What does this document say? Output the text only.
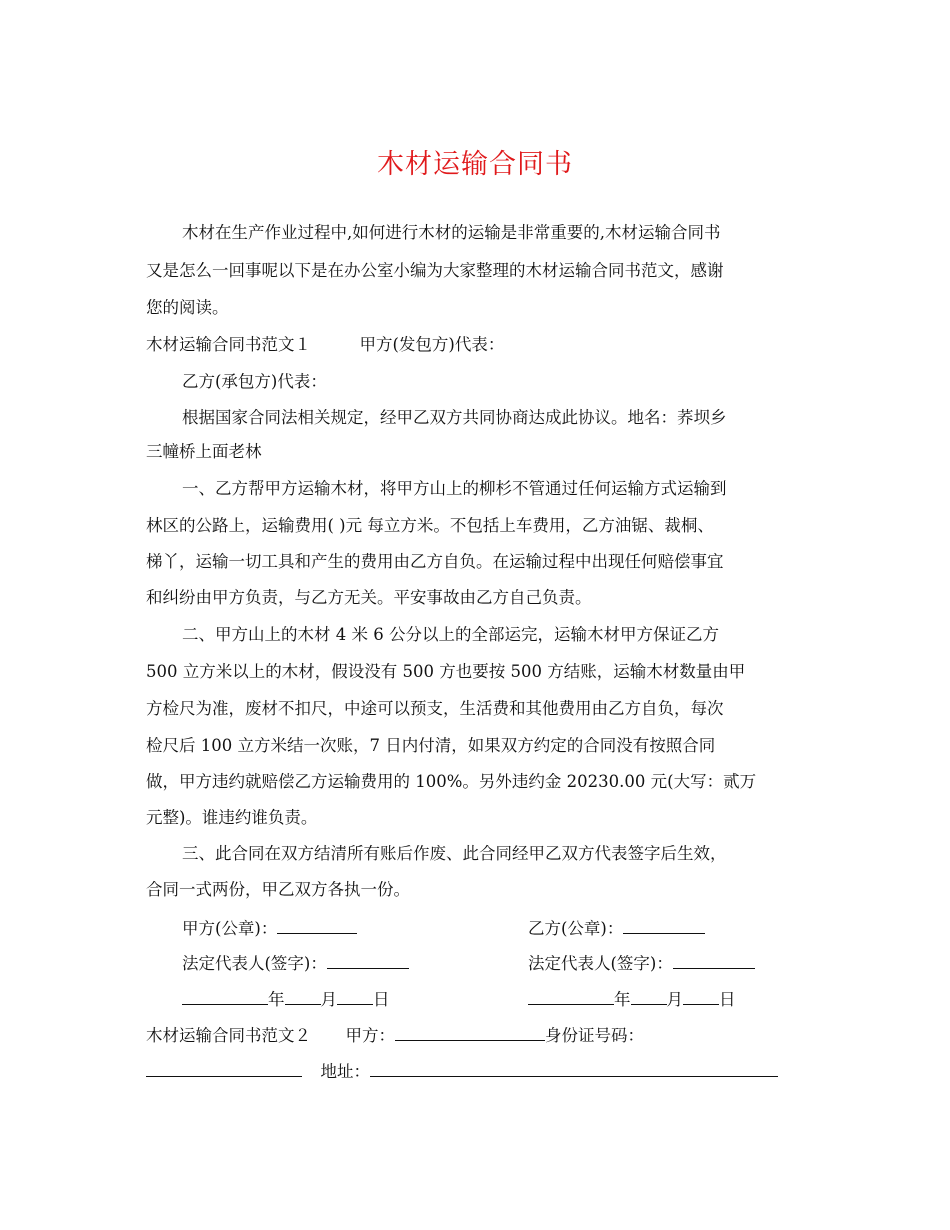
木材运输合同书
木材在生产作业过程中,如何进行木材的运输是非常重要的,木材运输合同书
又是怎么一回事呢以下是在办公室小编为大家整理的木材运输合同书范文，感谢
您的阅读。
木材运输合同书范文１	甲方(发包方)代表：
乙方(承包方)代表：
根据国家合同法相关规定，经甲乙双方共同协商达成此协议。地名：荞坝乡
三幢桥上面老林
一、乙方帮甲方运输木材，将甲方山上的柳杉不管通过任何运输方式运输到
林区的公路上，运输费用( )元 每立方米。不包括上车费用，乙方油锯、裁桐、
梯丫，运输一切工具和产生的费用由乙方自负。在运输过程中出现任何赔偿事宜
和纠纷由甲方负责，与乙方无关。平安事故由乙方自己负责。
二、甲方山上的木材 4 米 6 公分以上的全部运完，运输木材甲方保证乙方
500 立方米以上的木材，假设没有 500 方也要按 500 方结账，运输木材数量由甲
方检尺为准，废材不扣尺，中途可以预支，生活费和其他费用由乙方自负，每次
检尺后 100 立方米结一次账，7 日内付清，如果双方约定的合同没有按照合同
做，甲方违约就赔偿乙方运输费用的 100%。另外违约金 20230.00 元(大写：贰万
元整)。谁违约谁负责。
三、此合同在双方结清所有账后作废、此合同经甲乙双方代表签字后生效，
合同一式两份，甲乙双方各执一份。
甲方(公章)：	乙方(公章)：
法定代表人(签字)：	法定代表人(签字)：
年 月 日	年 月 日
木材运输合同书范文２ 甲方：	身份证号码：
地址：
